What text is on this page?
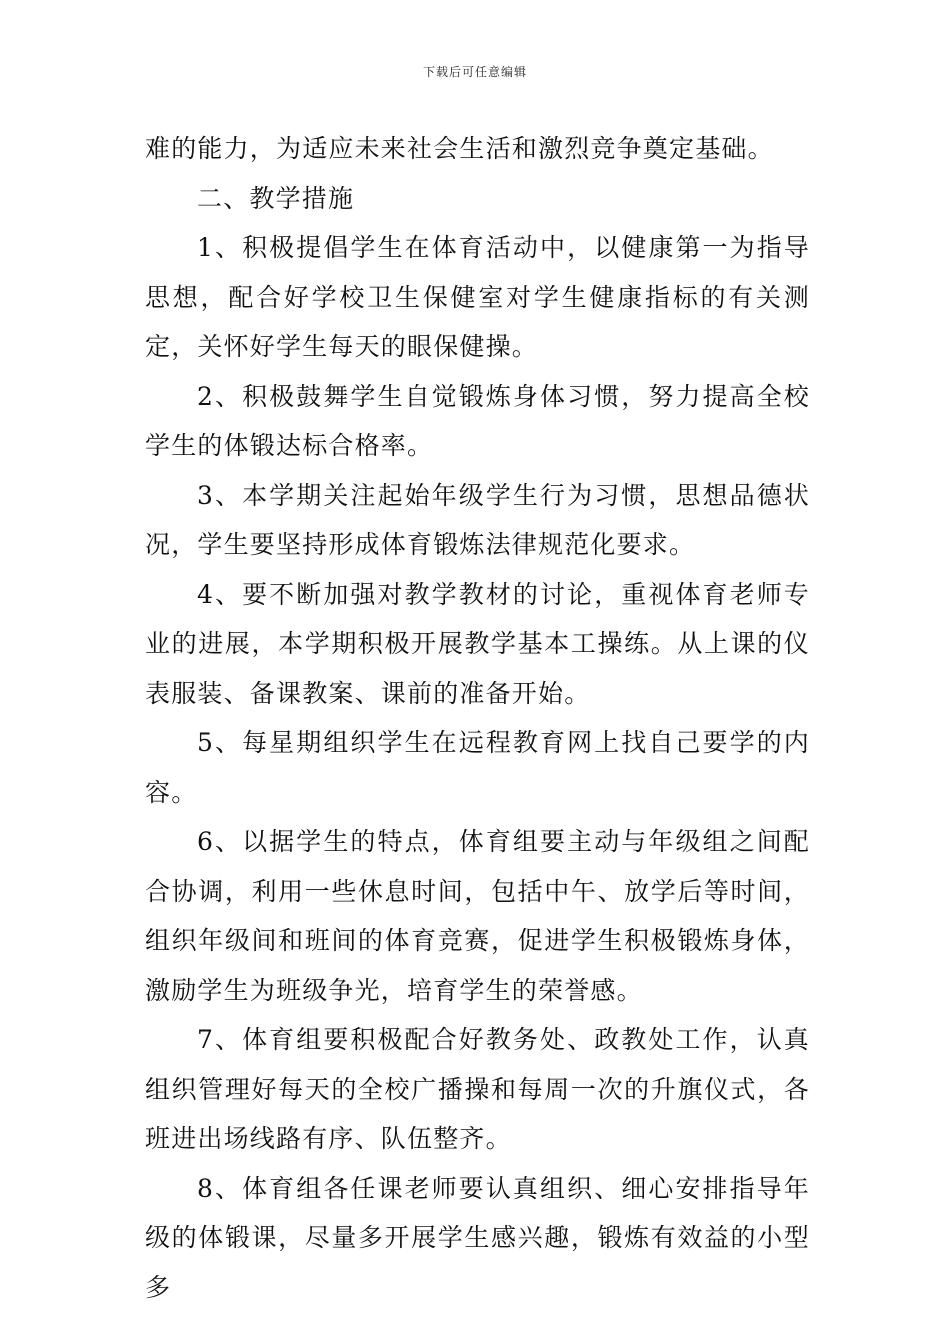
下载后可任意编辑

难的能力，为适应未来社会生活和激烈竞争奠定基础。

二、教学措施

1、积极提倡学生在体育活动中，以健康第一为指导思想，配合好学校卫生保健室对学生健康指标的有关测定，关怀好学生每天的眼保健操。

2、积极鼓舞学生自觉锻炼身体习惯，努力提高全校学生的体锻达标合格率。

3、本学期关注起始年级学生行为习惯，思想品德状况，学生要坚持形成体育锻炼法律规范化要求。

4、要不断加强对教学教材的讨论，重视体育老师专业的进展，本学期积极开展教学基本工操练。从上课的仪表服装、备课教案、课前的准备开始。

5、每星期组织学生在远程教育网上找自己要学的内容。

6、以据学生的特点，体育组要主动与年级组之间配合协调，利用一些休息时间，包括中午、放学后等时间，组织年级间和班间的体育竞赛，促进学生积极锻炼身体，激励学生为班级争光，培育学生的荣誉感。

7、体育组要积极配合好教务处、政教处工作，认真组织管理好每天的全校广播操和每周一次的升旗仪式，各班进出场线路有序、队伍整齐。

8、体育组各任课老师要认真组织、细心安排指导年级的体锻课，尽量多开展学生感兴趣，锻炼有效益的小型多
